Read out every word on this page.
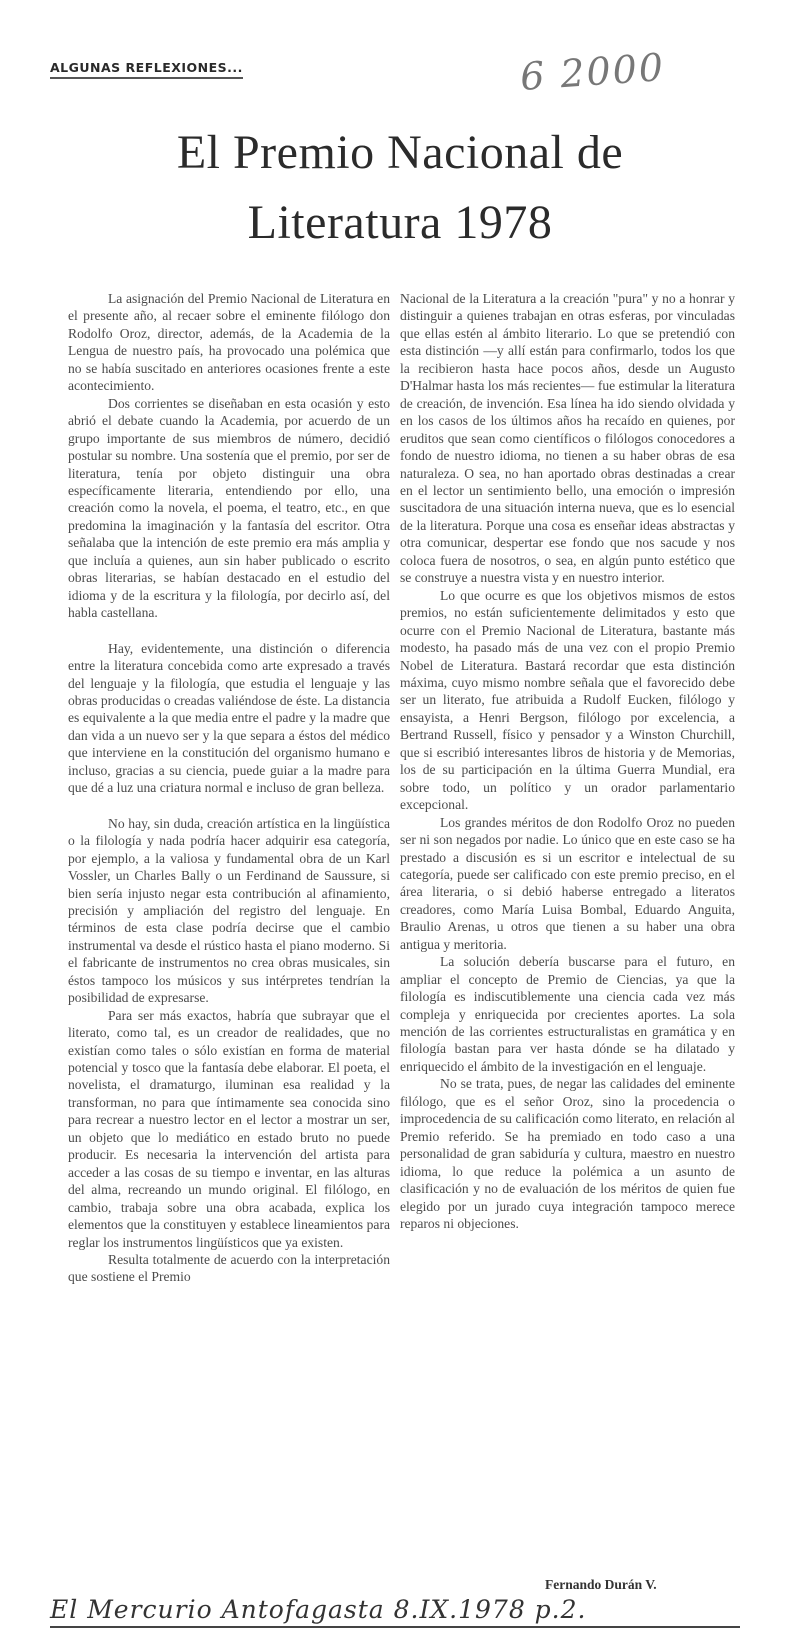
ALGUNAS REFLEXIONES...	6 2000
El Premio Nacional de
Literatura 1978

La asignación del Premio Nacional de Literatura en el presente año, al recaer sobre el eminente filólogo don Rodolfo Oroz, director, además, de la Academia de la Lengua de nuestro país, ha provocado una polémica que no se había suscitado en anteriores ocasiones frente a este acontecimiento.

Dos corrientes se diseñaban en esta ocasión y esto abrió el debate cuando la Academia, por acuerdo de un grupo importante de sus miembros de número, decidió postular su nombre. Una sostenía que el premio, por ser de literatura, tenía por objeto distinguir una obra específicamente literaria, entendiendo por ello, una creación como la novela, el poema, el teatro, etc., en que predomina la imaginación y la fantasía del escritor. Otra señalaba que la intención de este premio era más amplia y que incluía a quienes, aun sin haber publicado o escrito obras literarias, se habían destacado en el estudio del idioma y de la escritura y la filología, por decirlo así, del habla castellana.

Hay, evidentemente, una distinción o diferencia entre la literatura concebida como arte expresado a través del lenguaje y la filología, que estudia el lenguaje y las obras producidas o creadas valiéndose de éste. La distancia es equivalente a la que media entre el padre y la madre que dan vida a un nuevo ser y la que separa a éstos del médico que interviene en la constitución del organismo humano e incluso, gracias a su ciencia, puede guiar a la madre para que dé a luz una criatura normal e incluso de gran belleza.

No hay, sin duda, creación artística en la lingüística o la filología y nada podría hacer adquirir esa categoría, por ejemplo, a la valiosa y fundamental obra de un Karl Vossler, un Charles Bally o un Ferdinand de Saussure, si bien sería injusto negar esta contribución al afinamiento, precisión y ampliación del registro del lenguaje. En términos de esta clase podría decirse que el cambio instrumental va desde el rústico hasta el piano moderno. Si el fabricante de instrumentos no crea obras musicales, sin éstos tampoco los músicos y sus intérpretes tendrían la posibilidad de expresarse.

Para ser más exactos, habría que subrayar que el literato, como tal, es un creador de realidades, que no existían como tales o sólo existían en forma de material potencial y tosco que la fantasía debe elaborar. El poeta, el novelista, el dramaturgo, iluminan esa realidad y la transforman, no para que íntimamente sea conocida sino para recrear a nuestro lector en el lector a mostrar un ser, un objeto que lo mediático en estado bruto no puede producir. Es necesaria la intervención del artista para acceder a las cosas de su tiempo e inventar, en las alturas del alma, recreando un mundo original. El filólogo, en cambio, trabaja sobre una obra acabada, explica los elementos que la constituyen y establece lineamientos para reglar los instrumentos lingüísticos que ya existen.

Resulta totalmente de acuerdo con la interpretación que sostiene el Premio

Nacional de la Literatura a la creación "pura" y no a honrar y distinguir a quienes trabajan en otras esferas, por vinculadas que ellas estén al ámbito literario. Lo que se pretendió con esta distinción —y allí están para confirmarlo, todos los que la recibieron hasta hace pocos años, desde un Augusto D'Halmar hasta los más recientes— fue estimular la literatura de creación, de invención. Esa línea ha ido siendo olvidada y en los casos de los últimos años ha recaído en quienes, por eruditos que sean como científicos o filólogos conocedores a fondo de nuestro idioma, no tienen a su haber obras de esa naturaleza. O sea, no han aportado obras destinadas a crear en el lector un sentimiento bello, una emoción o impresión suscitadora de una situación interna nueva, que es lo esencial de la literatura. Porque una cosa es enseñar ideas abstractas y otra comunicar, despertar ese fondo que nos sacude y nos coloca fuera de nosotros, o sea, en algún punto estético que se construye a nuestra vista y en nuestro interior.

Lo que ocurre es que los objetivos mismos de estos premios, no están suficientemente delimitados y esto que ocurre con el Premio Nacional de Literatura, bastante más modesto, ha pasado más de una vez con el propio Premio Nobel de Literatura. Bastará recordar que esta distinción máxima, cuyo mismo nombre señala que el favorecido debe ser un literato, fue atribuida a Rudolf Eucken, filólogo y ensayista, a Henri Bergson, filólogo por excelencia, a Bertrand Russell, físico y pensador y a Winston Churchill, que si escribió interesantes libros de historia y de Memorias, los de su participación en la última Guerra Mundial, era sobre todo, un político y un orador parlamentario excepcional.

Los grandes méritos de don Rodolfo Oroz no pueden ser ni son negados por nadie. Lo único que en este caso se ha prestado a discusión es si un escritor e intelectual de su categoría, puede ser calificado con este premio preciso, en el área literaria, o si debió haberse entregado a literatos creadores, como María Luisa Bombal, Eduardo Anguita, Braulio Arenas, u otros que tienen a su haber una obra antigua y meritoria.

La solución debería buscarse para el futuro, en ampliar el concepto de Premio de Ciencias, ya que la filología es indiscutiblemente una ciencia cada vez más compleja y enriquecida por crecientes aportes. La sola mención de las corrientes estructuralistas en gramática y en filología bastan para ver hasta dónde se ha dilatado y enriquecido el ámbito de la investigación en el lenguaje.

No se trata, pues, de negar las calidades del eminente filólogo, que es el señor Oroz, sino la procedencia o improcedencia de su calificación como literato, en relación al Premio referido. Se ha premiado en todo caso a una personalidad de gran sabiduría y cultura, maestro en nuestro idioma, lo que reduce la polémica a un asunto de clasificación y no de evaluación de los méritos de quien fue elegido por un jurado cuya integración tampoco merece reparos ni objeciones.

Fernando Durán V.
El Mercurio Antofagasta 8.IX.1978 p.2.
